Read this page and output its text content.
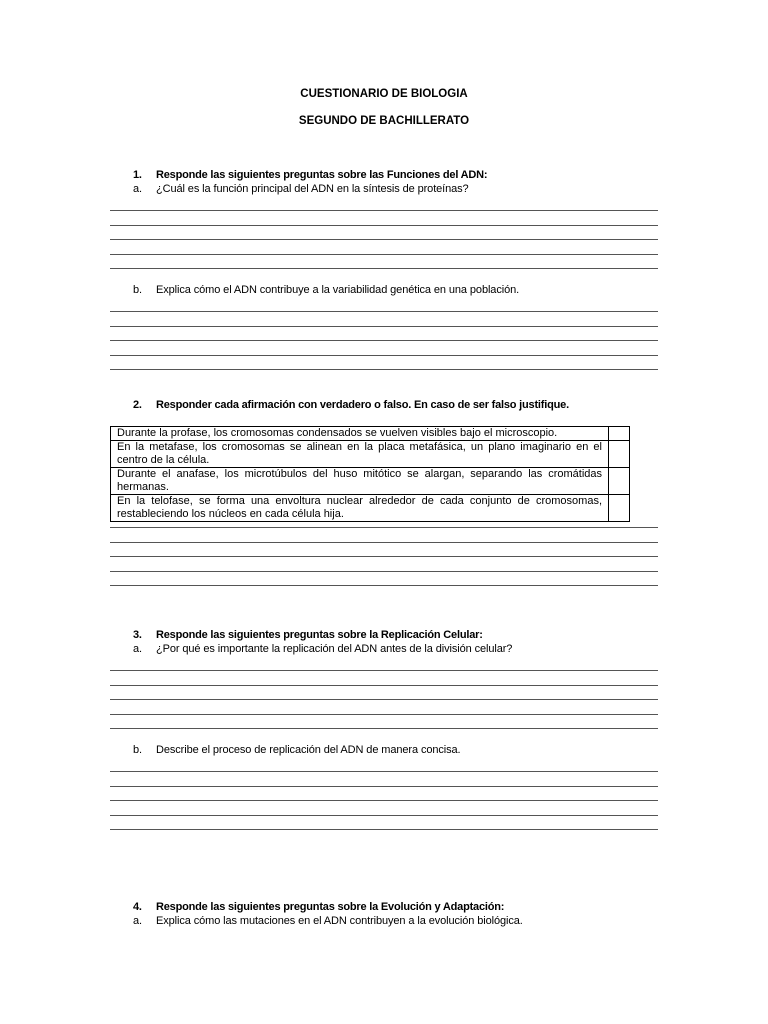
CUESTIONARIO DE BIOLOGIA
SEGUNDO DE BACHILLERATO
1. Responde las siguientes preguntas sobre las Funciones del ADN:
a. ¿Cuál es la función principal del ADN en la síntesis de proteínas?
b. Explica cómo el ADN contribuye a la variabilidad genética en una población.
2. Responder cada afirmación con verdadero o falso. En caso de ser falso justifique.
Durante la profase, los cromosomas condensados se vuelven visibles bajo el microscopio.	
En la metafase, los cromosomas se alinean en la placa metafásica, un plano imaginario en el centro de la célula.	
Durante el anafase, los microtúbulos del huso mitótico se alargan, separando las cromátidas hermanas.	
En la telofase, se forma una envoltura nuclear alrededor de cada conjunto de cromosomas, restableciendo los núcleos en cada célula hija.	
3. Responde las siguientes preguntas sobre la Replicación Celular:
a. ¿Por qué es importante la replicación del ADN antes de la división celular?
b. Describe el proceso de replicación del ADN de manera concisa.
4. Responde las siguientes preguntas sobre la Evolución y Adaptación:
a. Explica cómo las mutaciones en el ADN contribuyen a la evolución biológica.
